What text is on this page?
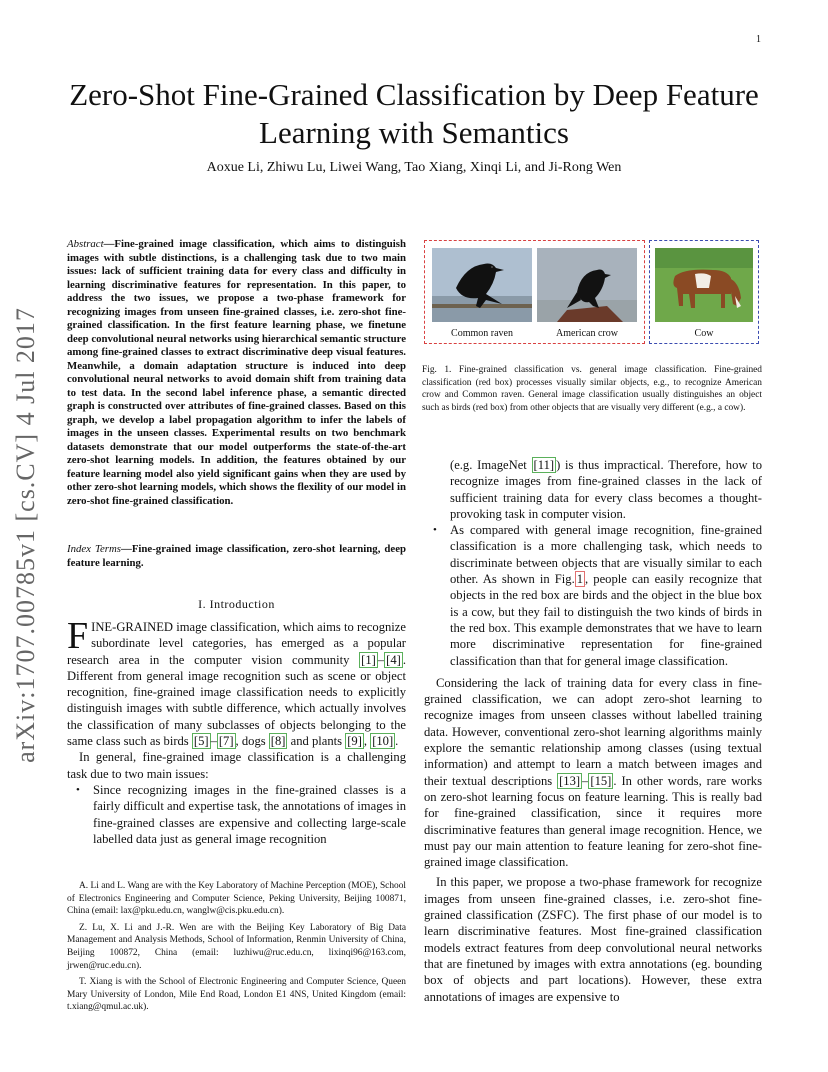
1
Zero-Shot Fine-Grained Classification by Deep Feature Learning with Semantics
Aoxue Li, Zhiwu Lu, Liwei Wang, Tao Xiang, Xinqi Li, and Ji-Rong Wen
arXiv:1707.00785v1 [cs.CV] 4 Jul 2017
Abstract—Fine-grained image classification, which aims to distinguish images with subtle distinctions, is a challenging task due to two main issues: lack of sufficient training data for every class and difficulty in learning discriminative features for representation. In this paper, to address the two issues, we propose a two-phase framework for recognizing images from unseen fine-grained classes, i.e. zero-shot fine-grained classification. In the first feature learning phase, we finetune deep convolutional neural networks using hierarchical semantic structure among fine-grained classes to extract discriminative deep visual features. Meanwhile, a domain adaptation structure is induced into deep convolutional neural networks to avoid domain shift from training data to test data. In the second label inference phase, a semantic directed graph is constructed over attributes of fine-grained classes. Based on this graph, we develop a label propagation algorithm to infer the labels of images in the unseen classes. Experimental results on two benchmark datasets demonstrate that our model outperforms the state-of-the-art zero-shot learning models. In addition, the features obtained by our feature learning model also yield significant gains when they are used by other zero-shot learning models, which shows the flexility of our model in zero-shot fine-grained classification.
Index Terms—Fine-grained image classification, zero-shot learning, deep feature learning.
I. Introduction

FINE-GRAINED image classification, which aims to recognize subordinate level categories, has emerged as a popular research area in the computer vision community [1] – [4] . Different from general image recognition such as scene or object recognition, fine-grained image classification needs to explicitly distinguish images with subtle difference, which actually involves the classification of many subclasses of objects belonging to the same class such as birds [5] – [7] , dogs [8] and plants [9] , [10] .

In general, fine-grained image classification is a challenging task due to two main issues:

• Since recognizing images in the fine-grained classes is a fairly difficult and expertise task, the annotations of images in fine-grained classes are expensive and collecting large-scale labelled data just as general image recognition

A. Li and L. Wang are with the Key Laboratory of Machine Perception (MOE), School of Electronics Engineering and Computer Science, Peking University, Beijing 100871, China (email: lax@pku.edu.cn, wanglw@cis.pku.edu.cn).

Z. Lu, X. Li and J.-R. Wen are with the Beijing Key Laboratory of Big Data Management and Analysis Methods, School of Information, Renmin University of China, Beijing 100872, China (email: luzhiwu@ruc.edu.cn, lixinqi96@163.com, jrwen@ruc.edu.cn).

T. Xiang is with the School of Electronic Engineering and Computer Science, Queen Mary University of London, Mile End Road, London E1 4NS, United Kingdom (email: t.xiang@qmul.ac.uk).

Common raven	American crow	Cow
Fig. 1. Fine-grained classification vs. general image classification. Fine-grained classification (red box) processes visually similar objects, e.g., to recognize American crow and Common raven. General image classification usually distinguishes an object such as birds (red box) from other objects that are visually very different (e.g., a cow).
(e.g. ImageNet [11] ) is thus impractical. Therefore, how to recognize images from fine-grained classes in the lack of sufficient training data for every class becomes a thought-provoking task in computer vision.
• As compared with general image recognition, fine-grained classification is a more challenging task, which needs to discriminate between objects that are visually similar to each other. As shown in Fig. 1 , people can easily recognize that objects in the red box are birds and the object in the blue box is a cow, but they fail to distinguish the two kinds of birds in the red box. This example demonstrates that we have to learn more discriminative representation for fine-grained classification than that for general image classification.

Considering the lack of training data for every class in fine-grained classification, we can adopt zero-shot learning to recognize images from unseen classes without labelled training data. However, conventional zero-shot learning algorithms mainly explore the semantic relationship among classes (using textual information) and attempt to learn a match between images and their textual descriptions [13] – [15] . In other words, rare works on zero-shot learning focus on feature learning. This is really bad for fine-grained classification, since it requires more discriminative features than general image recognition. Hence, we must pay our main attention to feature leaning for zero-shot fine-grained image classification.

In this paper, we propose a two-phase framework for recognize images from unseen fine-grained classes, i.e. zero-shot fine-grained classification (ZSFC). The first phase of our model is to learn discriminative features. Most fine-grained classification models extract features from deep convolutional neural networks that are finetuned by images with extra annotations (eg. bounding box of objects and part locations). However, these extra annotations of images are expensive to
